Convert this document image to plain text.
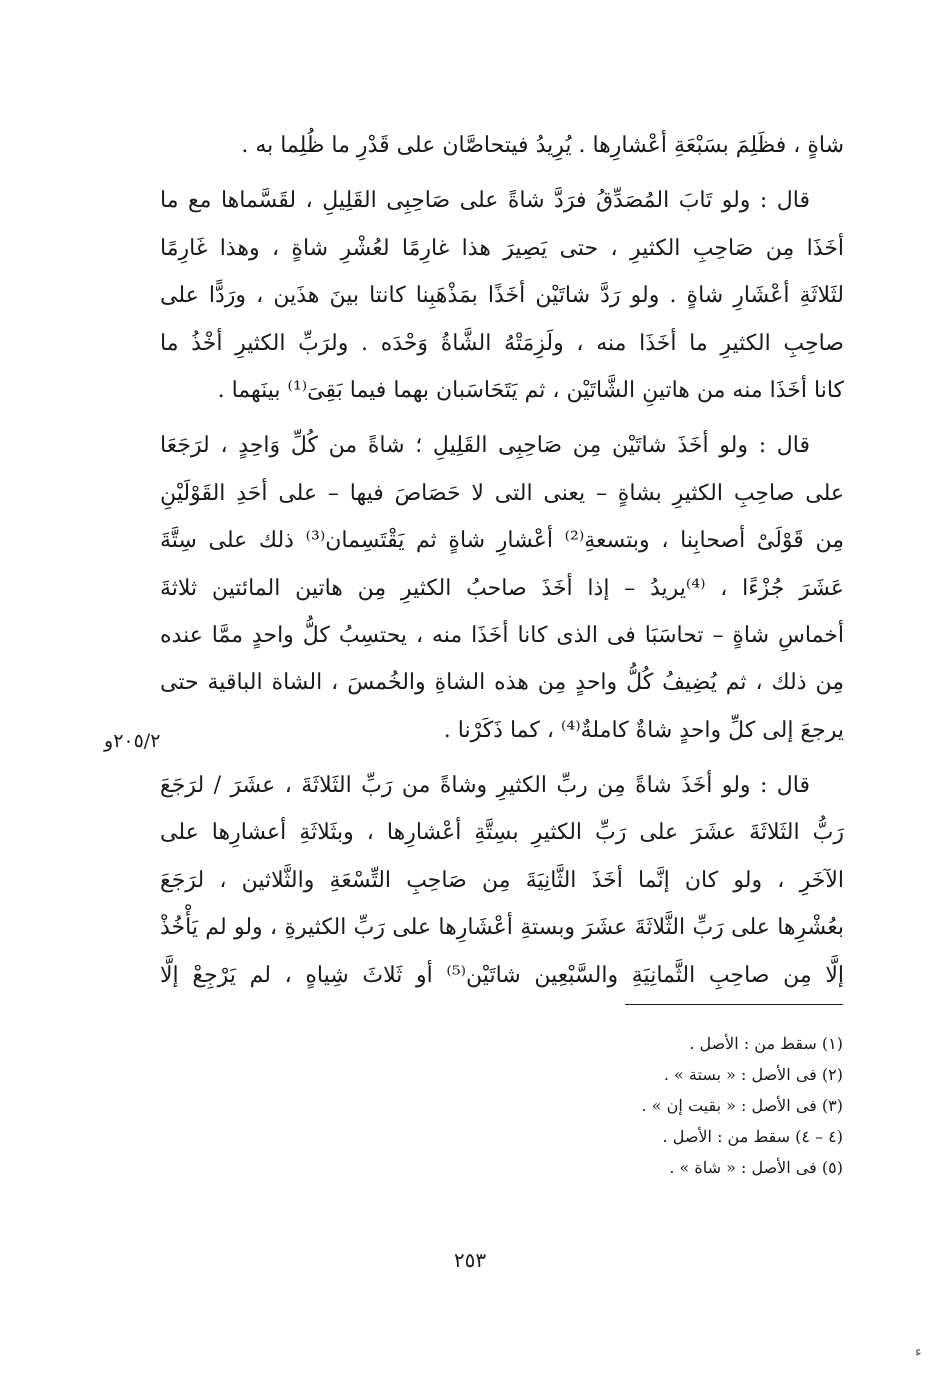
شاةٍ ، فظَلِمَ بسَبْعَةِ أعْشارِها . يُرِيدُ فيتحاصَّان على قَدْرِ ما ظُلِما به .
قال : ولو تَابَ المُصَدِّقُ فرَدَّ شاةً على صَاحِبِى القَلِيلِ ، لقَسَّماها مع ما
أخَذَا مِن صَاحِبِ الكثيرِ ، حتى يَصِيرَ هذا غارِمًا لعُشْرِ شاةٍ ، وهذا غَارِمًا
لثَلاثَةِ أعْشَارِ شاةٍ . ولو رَدَّ شاتَيْن أخَذًا بمَذْهَبِنا كانتا بينَ هذَين ، ورَدًّا على
صاحِبِ الكثيرِ ما أخَذَا منه ، ولَزِمَتْهُ الشَّاةُ وَحْدَه . ولرَبِّ الكثيرِ أخْذُ ما
كانا أخَذَا منه من هاتينِ الشَّاتَيْن ، ثم يَتَحَاسَبان بهما فيما بَقِىَ⁽¹⁾ بينَهما .
قال : ولو أخَذَ شاتَيْن مِن صَاحِبِى القَلِيلِ ؛ شاةً من كُلِّ وَاحِدٍ ، لرَجَعَا
على صاحِبِ الكثيرِ بشاةٍ – يعنى التى لا حَصَاصَ فيها – على أحَدِ القَوْلَيْنِ
مِن قَوْلَىْ أصحابِنا ، وبتسعةِ⁽²⁾ أعْشارِ شاةٍ ثم يَقْتَسِمان⁽³⁾ ذلك على سِتَّةَ
عَشَرَ جُزْءًا ، ⁽⁴⁾يريدُ – إذا أخَذَ صاحبُ الكثيرِ مِن هاتين المائتين ثلاثةَ
أخماسِ شاةٍ – تحاسَبَا فى الذى كانا أخَذَا منه ، يحتسِبُ كلُّ واحدٍ ممَّا عنده
مِن ذلك ، ثم يُضِيفُ كُلُّ واحدٍ مِن هذه الشاةِ والخُمسَ ، الشاة الباقية حتى
يرجعَ إلى كلِّ واحدٍ شاةٌ كاملةٌ⁽⁴⁾ ، كما ذَكَرْنا .
قال : ولو أخَذَ شاةً مِن ربِّ الكثيرِ وشاةً من رَبِّ الثَلاثَةَ ، عشَرَ / لرَجَعَ
رَبُّ الثَلاثَةَ عشَرَ على رَبِّ الكثيرِ بسِتَّةِ أعْشارِها ، وبثَلاثَةِ أعشارِها على
الآخَرِ ، ولو كان إنَّما أخَذَ الثَّانِيَةَ مِن صَاحِبِ التِّسْعَةِ والثَّلاثين ، لرَجَعَ
بعُشْرِها على رَبِّ الثَّلاثَةَ عشَرَ وبستةِ أعْشَارِها على رَبِّ الكثيرةِ ، ولو لم يَأْخُذْ
إلَّا مِن صاحِبِ الثَّمانِيَةِ والسَّبْعِين شاتَيْن⁽⁵⁾ أو ثَلاثَ شِياهٍ ، لم يَرْجِعْ إلَّا
٢٠٥/٢و
(١) سقط من : الأصل .
(٢) فى الأصل : « بستة » .
(٣) فى الأصل : « بقيت إن » .
(٤ – ٤) سقط من : الأصل .
(٥) فى الأصل : « شاة » .
٢٥٣
ء
